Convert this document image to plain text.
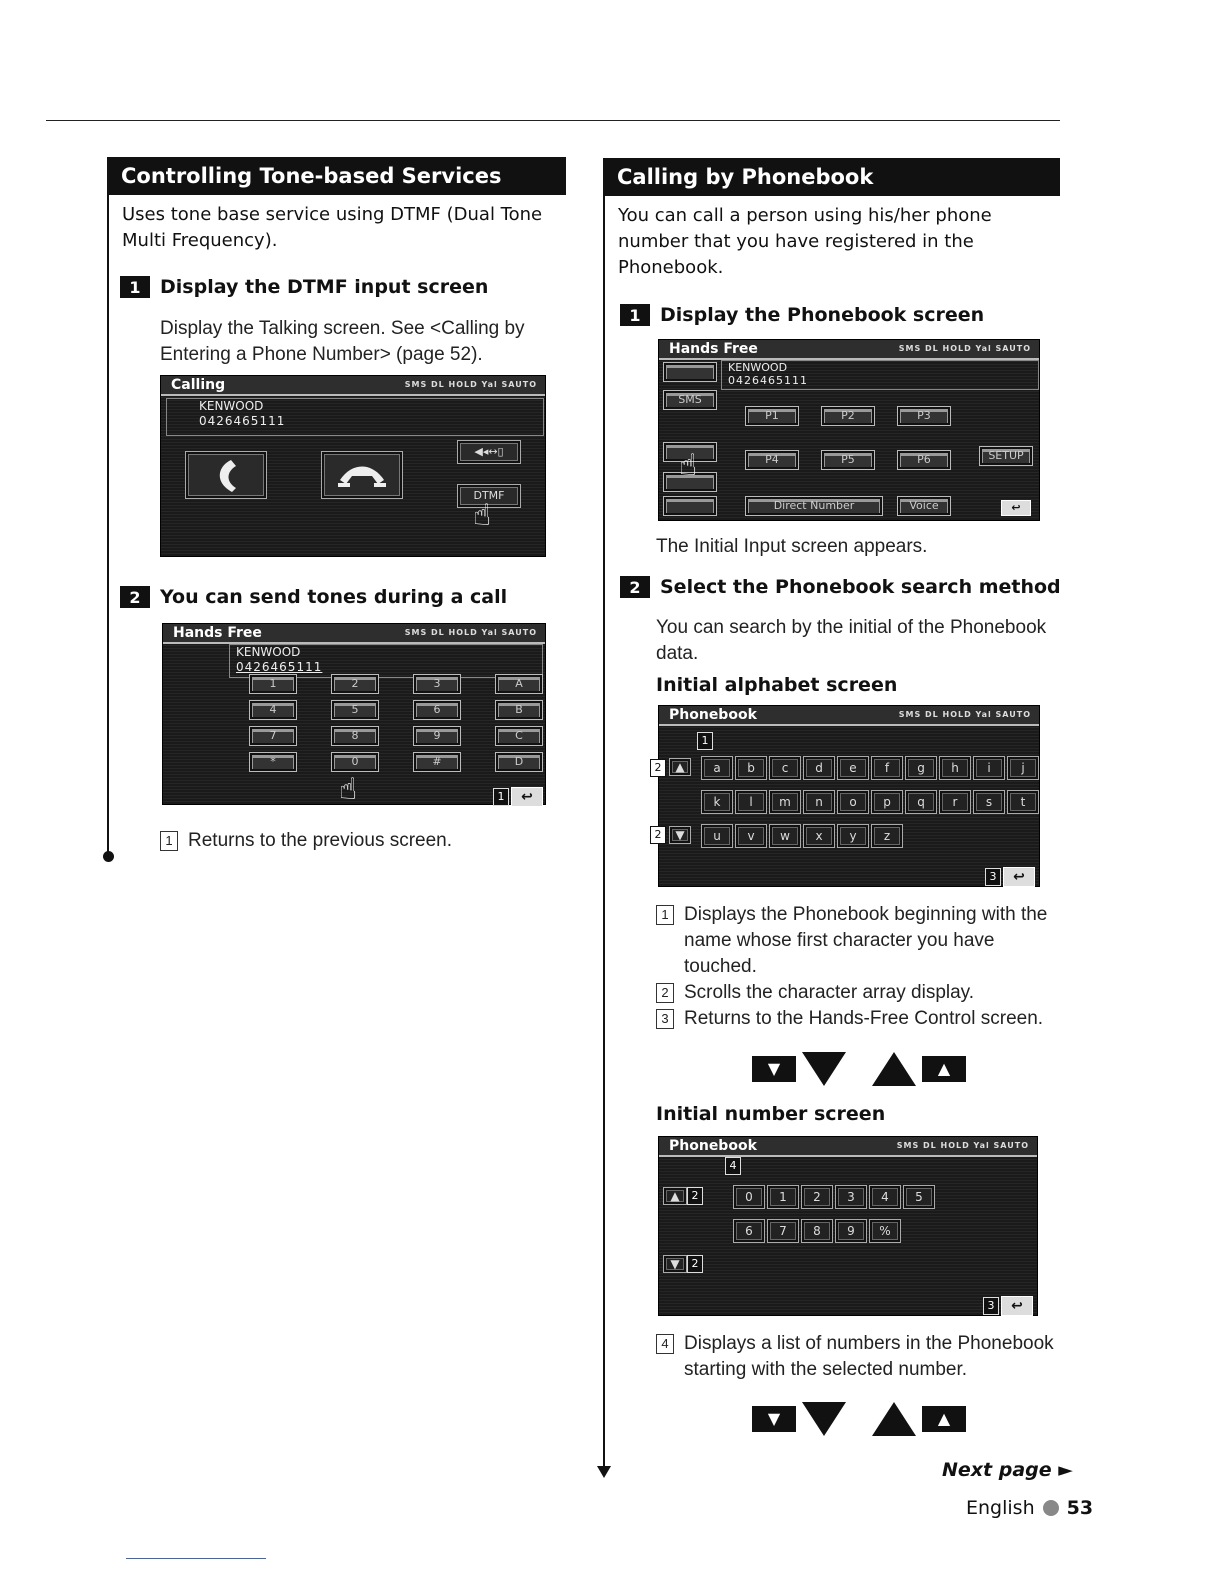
Controlling Tone-based Services
Uses tone base service using DTMF (Dual Tone Multi Frequency).
1	Display the DTMF input screen
Display the Talking screen. See <Calling by Entering a Phone Number> (page 52).
Calling	SMS DL HOLD Yal SAUTO
KENWOOD
0426465111
◀◂↔▯
DTMF
☝
2	You can send tones during a call
Hands Free	SMS DL HOLD Yal SAUTO
KENWOOD
0426465111
1	2	3	A
4	5	6	B
7	8	9	C
*	0	#	D
1	↩
☝
1 Returns to the previous screen.
Calling by Phonebook
You can call a person using his/her phone number that you have registered in the Phonebook.
1	Display the Phonebook screen
Hands Free	SMS DL HOLD Yal SAUTO
KENWOOD
0426465111
SMS
P1	P2	P3
P4	P5	P6	SETUP
Direct Number	Voice	↩
☝
The Initial Input screen appears.
2	Select the Phonebook search method
You can search by the initial of the Phonebook data.
Initial alphabet screen
Phonebook	SMS DL HOLD Yal SAUTO
1
▲
▼
a	b	c	d	e	f	g	h	i	j
k	l	m	n	o	p	q	r	s	t
u	v	w	x	y	z
3	↩
2
2
1 Displays the Phonebook beginning with the name whose first character you have touched.
2 Scrolls the character array display.
3 Returns to the Hands-Free Control screen.
▼	▲
Initial number screen
Phonebook	SMS DL HOLD Yal SAUTO
4
▲	2
▼	2
0	1	2	3	4	5
6	7	8	9	%
3	↩
4 Displays a list of numbers in the Phonebook starting with the selected number.
▼	▲
Next page ►
English 53
